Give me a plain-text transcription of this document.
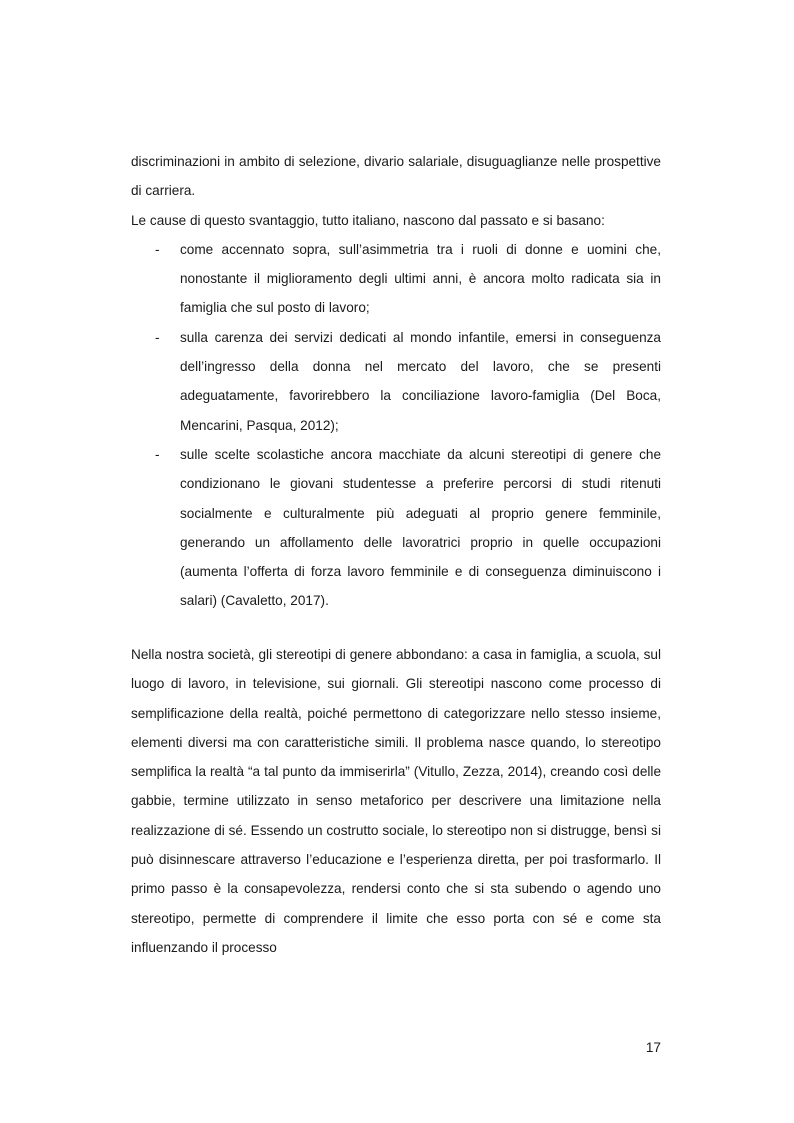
discriminazioni in ambito di selezione, divario salariale, disuguaglianze nelle prospettive di carriera.

Le cause di questo svantaggio, tutto italiano, nascono dal passato e si basano:

- come accennato sopra, sull’asimmetria tra i ruoli di donne e uomini che, nonostante il miglioramento degli ultimi anni, è ancora molto radicata sia in famiglia che sul posto di lavoro;
- sulla carenza dei servizi dedicati al mondo infantile, emersi in conseguenza dell’ingresso della donna nel mercato del lavoro, che se presenti adeguatamente, favorirebbero la conciliazione lavoro-famiglia (Del Boca, Mencarini, Pasqua, 2012);
- sulle scelte scolastiche ancora macchiate da alcuni stereotipi di genere che condizionano le giovani studentesse a preferire percorsi di studi ritenuti socialmente e culturalmente più adeguati al proprio genere femminile, generando un affollamento delle lavoratrici proprio in quelle occupazioni (aumenta l’offerta di forza lavoro femminile e di conseguenza diminuiscono i salari) (Cavaletto, 2017).

Nella nostra società, gli stereotipi di genere abbondano: a casa in famiglia, a scuola, sul luogo di lavoro, in televisione, sui giornali. Gli stereotipi nascono come processo di semplificazione della realtà, poiché permettono di categorizzare nello stesso insieme, elementi diversi ma con caratteristiche simili. Il problema nasce quando, lo stereotipo semplifica la realtà “a tal punto da immiserirla” (Vitullo, Zezza, 2014), creando così delle gabbie, termine utilizzato in senso metaforico per descrivere una limitazione nella realizzazione di sé. Essendo un costrutto sociale, lo stereotipo non si distrugge, bensì si può disinnescare attraverso l’educazione e l’esperienza diretta, per poi trasformarlo. Il primo passo è la consapevolezza, rendersi conto che si sta subendo o agendo uno stereotipo, permette di comprendere il limite che esso porta con sé e come sta influenzando il processo

17
